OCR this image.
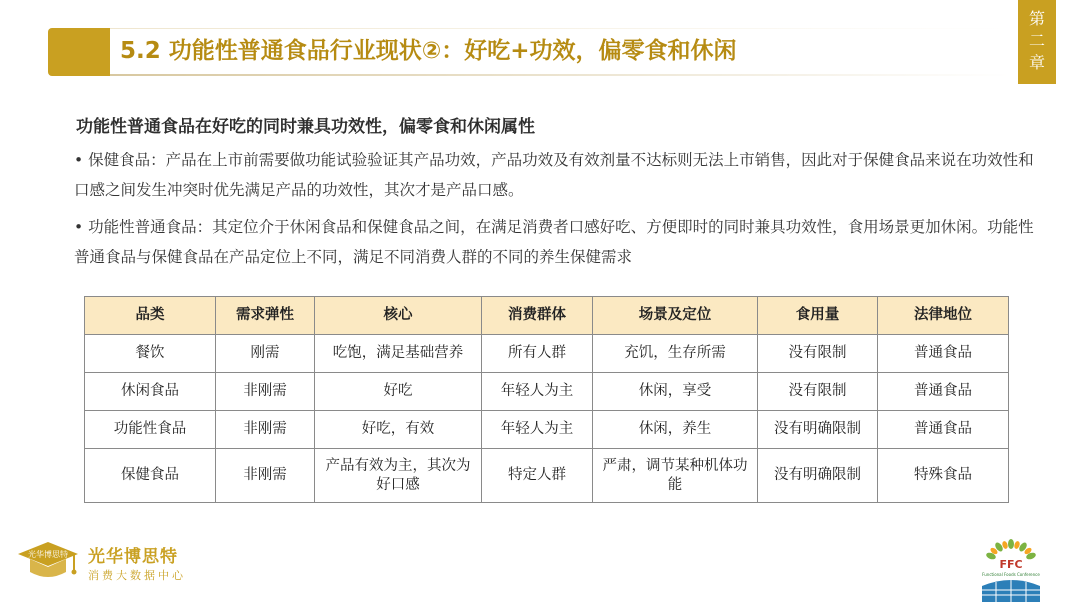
5.2 功能性普通食品行业现状②：好吃+功效，偏零食和休闲
第
二
章
功能性普通食品在好吃的同时兼具功效性，偏零食和休闲属性
• 保健食品：产品在上市前需要做功能试验验证其产品功效，产品功效及有效剂量不达标则无法上市销售，因此对于保健食品来说在功效性和口感之间发生冲突时优先满足产品的功效性，其次才是产品口感。
• 功能性普通食品：其定位介于休闲食品和保健食品之间，在满足消费者口感好吃、方便即时的同时兼具功效性，食用场景更加休闲。功能性普通食品与保健食品在产品定位上不同，满足不同消费人群的不同的养生保健需求
品类	需求弹性	核心	消费群体	场景及定位	食用量	法律地位
餐饮	刚需	吃饱，满足基础营养	所有人群	充饥，生存所需	没有限制	普通食品
休闲食品	非刚需	好吃	年轻人为主	休闲，享受	没有限制	普通食品
功能性食品	非刚需	好吃，有效	年轻人为主	休闲，养生	没有明确限制	普通食品
保健食品	非刚需	产品有效为主，其次为好口感	特定人群	严肃，调节某种机体功能	没有明确限制	特殊食品
光华博思特 光华博思特
消费大数据中心
FFC
Functional Foods Conference
